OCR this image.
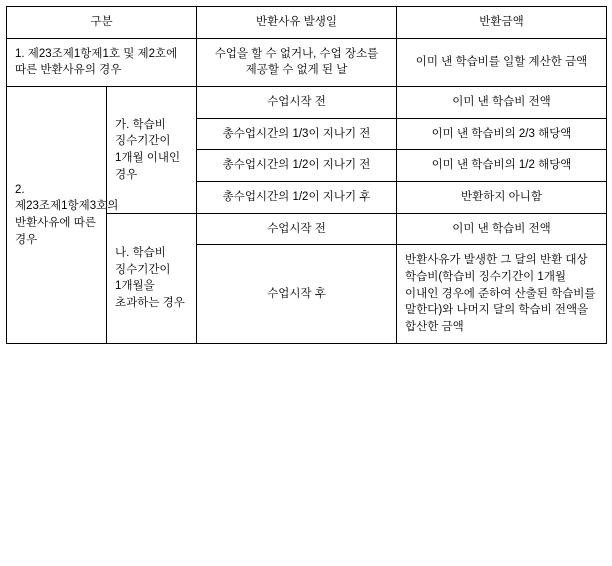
구분		반환사유 발생일	반환금액
1. 제23조제1항제1호 및 제2호에 따른 반환사유의 경우		수업을 할 수 없거나, 수업 장소를 제공할 수 없게 된 날	이미 낸 학습비를 일할 계산한 금액

2.
제23조제1항제3호의 반환사유에 따른 경우	가. 학습비 징수기간이 1개월 이내인 경우	수업시작 전	이미 낸 학습비 전액
		총수업시간의 1/3이 지나기 전	이미 낸 학습비의 2/3 해당액
		총수업시간의 1/2이 지나기 전	이미 낸 학습비의 1/2 해당액
		총수업시간의 1/2이 지나기 후	반환하지 아니함
	나. 학습비 징수기간이 1개월을 초과하는 경우	수업시작 전	이미 낸 학습비 전액
		수업시작 후	반환사유가 발생한 그 달의 반환 대상 학습비(학습비 징수기간이 1개월 이내인 경우에 준하여 산출된 학습비를 말한다)와 나머지 달의 학습비 전액을 합산한 금액
